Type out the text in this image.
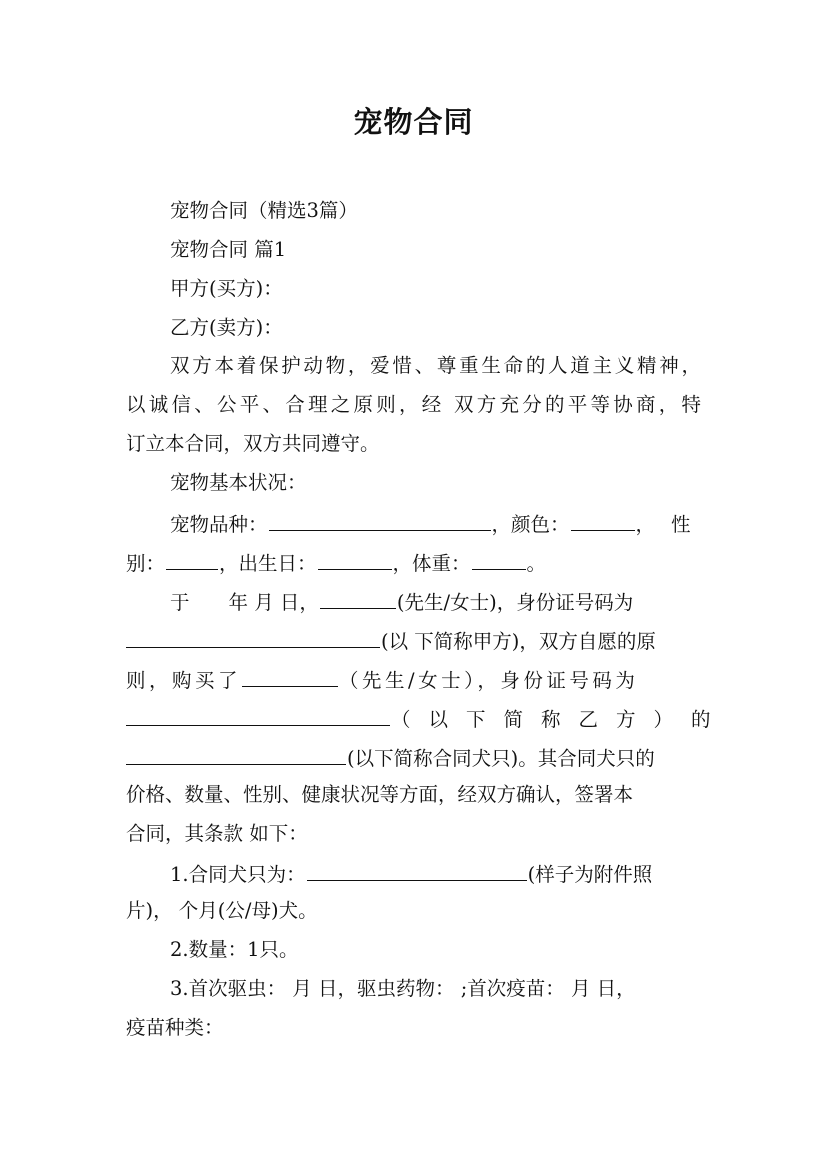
宠物合同
宠物合同（精选3篇）
宠物合同 篇1
甲方(买方)：
乙方(卖方)：
双方本着保护动物，爱惜、尊重生命的人道主义精神，
以诚信、公平、合理之原则，经 双方充分的平等协商，特
订立本合同，双方共同遵守。
宠物基本状况：
宠物品种：	，颜色：	， 性
别：	，出生日：	，体重：	。
于　　年 月 日，	(先生/女士)，身份证号码为
(以 下简称甲方)，双方自愿的原
则，购买了	（先生/女士），身份证号码为
（以下简称乙方）的
(以下简称合同犬只)。其合同犬只的
价格、数量、性别、健康状况等方面，经双方确认，签署本
合同，其条款 如下：
1.合同犬只为：	(样子为附件照
片)， 个月(公/母)犬。
2.数量：1只。
3.首次驱虫： 月 日，驱虫药物： ;首次疫苗： 月 日，
疫苗种类：
